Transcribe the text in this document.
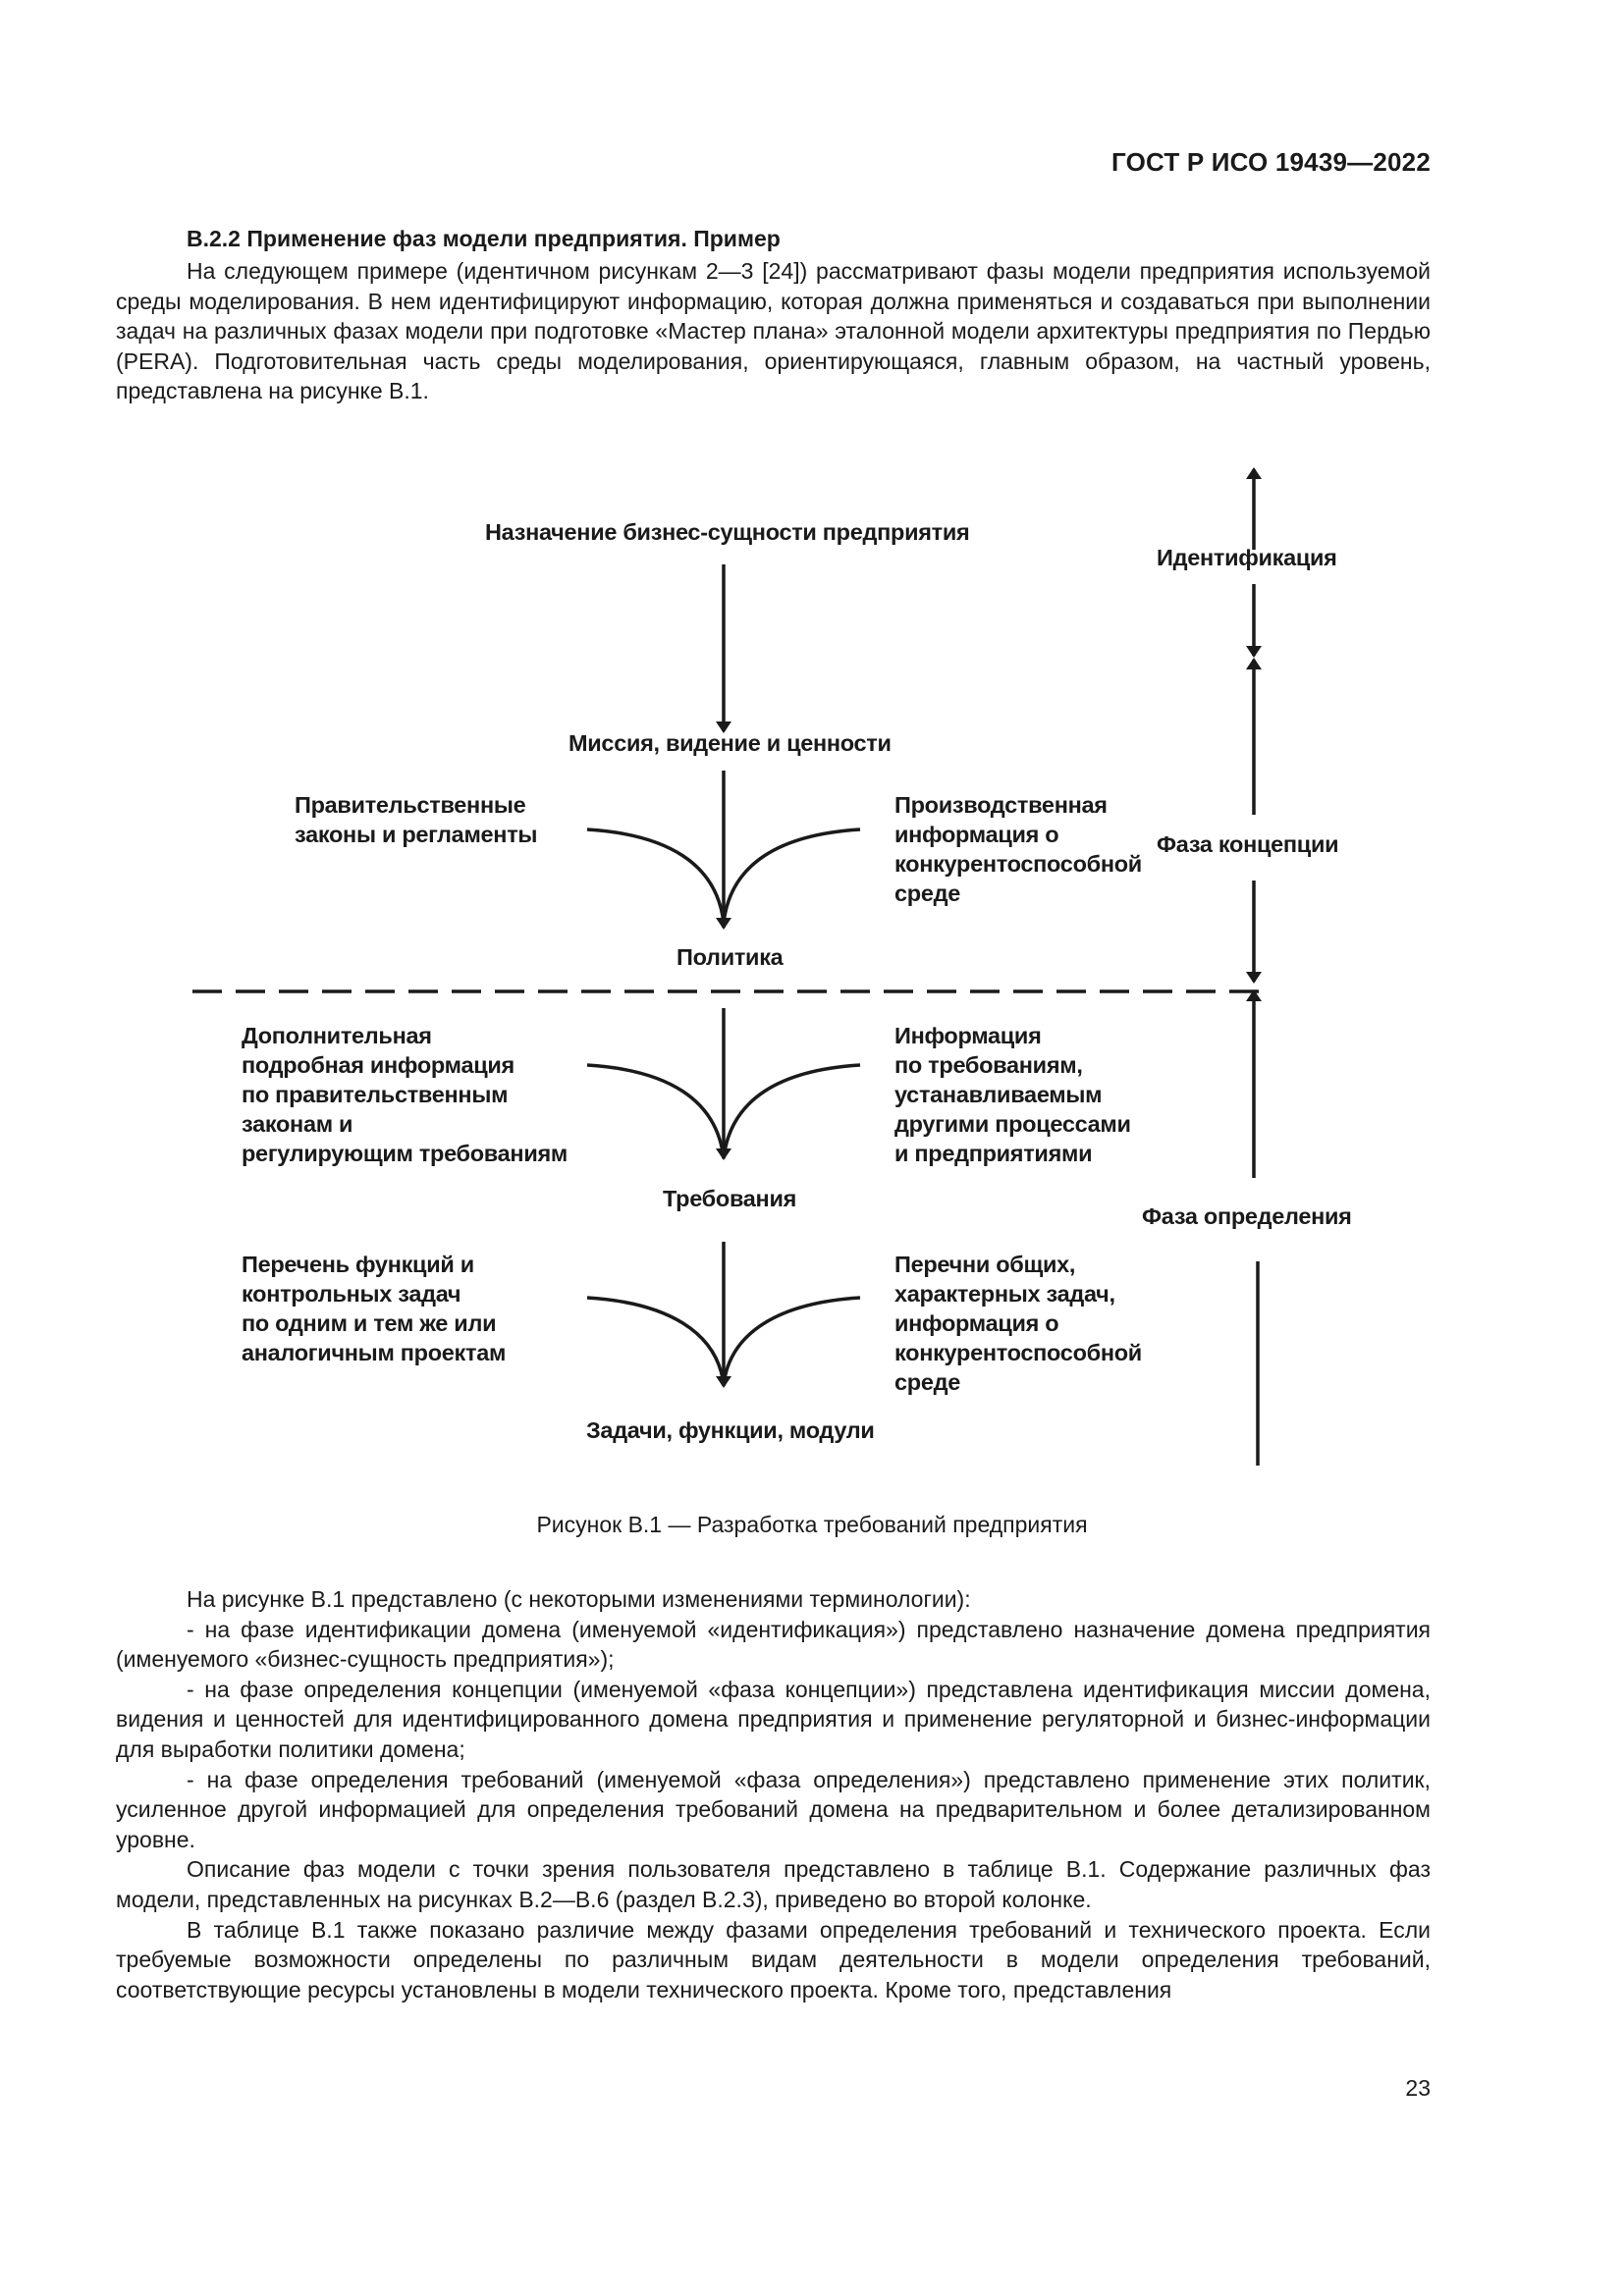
ГОСТ Р ИСО 19439—2022
В.2.2 Применение фаз модели предприятия. Пример

На следующем примере (идентичном рисункам 2—3 [24]) рассматривают фазы модели предприятия используемой среды моделирования. В нем идентифицируют информацию, которая должна применяться и создаваться при выполнении задач на различных фазах модели при подготовке «Мастер плана» эталонной модели архитектуры предприятия по Пердью (PERA). Подготовительная часть среды моделирования, ориентирующаяся, главным образом, на частный уровень, представлена на рисунке В.1.

Назначение бизнес-сущности предприятия
Миссия, видение и ценности
Политика
Требования
Задачи, функции, модули
Правительственные
законы и регламенты
Производственная
информация о
конкурентоспособной
среде
Дополнительная
подробная информация
по правительственным
законам и
регулирующим требованиям
Информация
по требованиям,
устанавливаемым
другими процессами
и предприятиями
Перечень функций и
контрольных задач
по одним и тем же или
аналогичным проектам
Перечни общих,
характерных задач,
информация о
конкурентоспособной
среде
Идентификация
Фаза концепции
Фаза определения
Рисунок В.1 — Разработка требований предприятия

На рисунке В.1 представлено (с некоторыми изменениями терминологии):

- на фазе идентификации домена (именуемой «идентификация») представлено назначение домена предприятия (именуемого «бизнес-сущность предприятия»);

- на фазе определения концепции (именуемой «фаза концепции») представлена идентификация миссии домена, видения и ценностей для идентифицированного домена предприятия и применение регуляторной и бизнес-информации для выработки политики домена;

- на фазе определения требований (именуемой «фаза определения») представлено применение этих политик, усиленное другой информацией для определения требований домена на предварительном и более детализированном уровне.

Описание фаз модели с точки зрения пользователя представлено в таблице В.1. Содержание различных фаз модели, представленных на рисунках В.2—В.6 (раздел В.2.3), приведено во второй колонке.

В таблице В.1 также показано различие между фазами определения требований и технического проекта. Если требуемые возможности определены по различным видам деятельности в модели определения требований, соответствующие ресурсы установлены в модели технического проекта. Кроме того, представления

23
